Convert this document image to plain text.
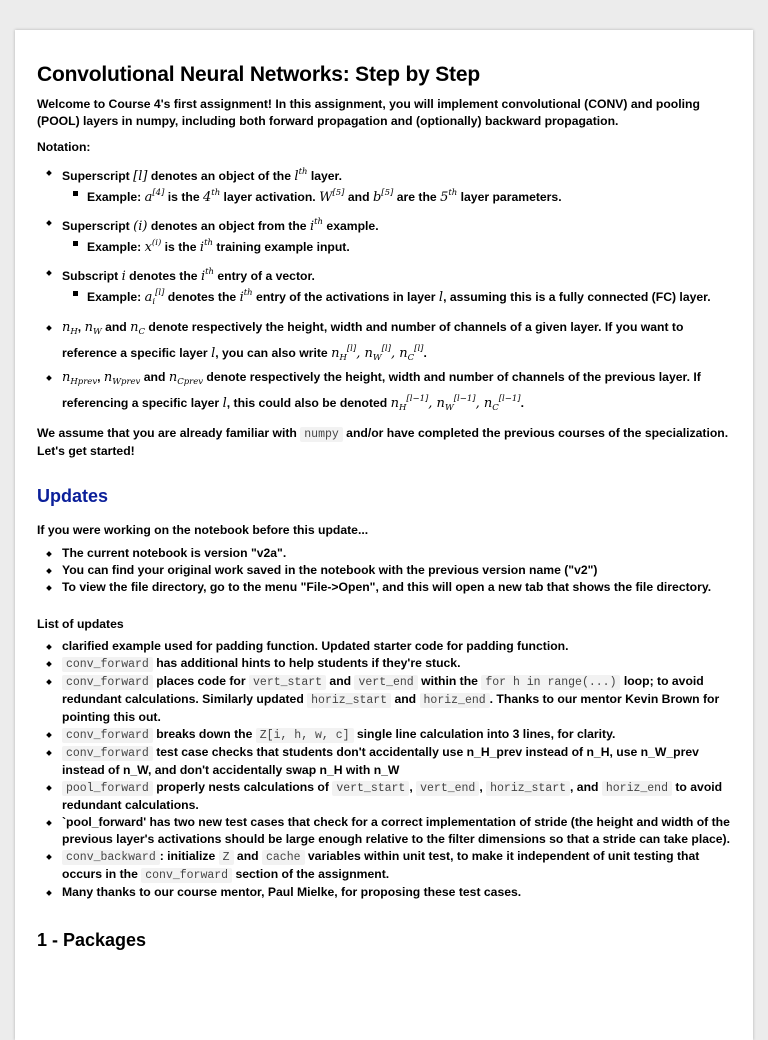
Convolutional Neural Networks: Step by Step

Welcome to Course 4's first assignment! In this assignment, you will implement convolutional (CONV) and pooling (POOL) layers in numpy, including both forward propagation and (optionally) backward propagation.

Notation:

Superscript [l] denotes an object of the $l^{th}$ layer.
Example: a[4] is the 4th layer activation. W[5] and b[5] are the 5th layer parameters.
Superscript (i) denotes an object from the $i^{th}$ example.
Example: $x^{(i)}$ is the $i^{th}$ training example input.
Subscript i denotes the $i^{th}$ entry of a vector.
Example: $a_i[l]$ denotes the $i^{th}$ entry of the activations in layer l, assuming this is a fully connected (FC) layer.
$n_H$, $n_W$ and $n_C$ denote respectively the height, width and number of channels of a given layer. If you want to reference a specific layer l, you can also write $n_H[l]$, $n_W[l]$, $n_C[l]$.
$n_{Hprev}$, $n_{Wprev}$ and $n_{Cprev}$ denote respectively the height, width and number of channels of the previous layer. If referencing a specific layer l, this could also be denoted $n_H[l-1]$, $n_W[l-1]$, $n_C[l-1]$.

We assume that you are already familiar with numpy and/or have completed the previous courses of the specialization. Let's get started!

Updates

If you were working on the notebook before this update...

The current notebook is version "v2a".
You can find your original work saved in the notebook with the previous version name ("v2")
To view the file directory, go to the menu "File->Open", and this will open a new tab that shows the file directory.

List of updates

clarified example used for padding function. Updated starter code for padding function.
conv_forward has additional hints to help students if they're stuck.
conv_forward places code for vert_start and vert_end within the for h in range(...) loop; to avoid redundant calculations. Similarly updated horiz_start and horiz_end . Thanks to our mentor Kevin Brown for pointing this out.
conv_forward breaks down the Z[i, h, w, c] single line calculation into 3 lines, for clarity.
conv_forward test case checks that students don't accidentally use n_H_prev instead of n_H, use n_W_prev instead of n_W, and don't accidentally swap n_H with n_W
pool_forward properly nests calculations of vert_start , vert_end , horiz_start , and horiz_end to avoid redundant calculations.
`pool_forward' has two new test cases that check for a correct implementation of stride (the height and width of the previous layer's activations should be large enough relative to the filter dimensions so that a stride can take place).
conv_backward : initialize Z and cache variables within unit test, to make it independent of unit testing that occurs in the conv_forward section of the assignment.
Many thanks to our course mentor, Paul Mielke, for proposing these test cases.
1 - Packages
